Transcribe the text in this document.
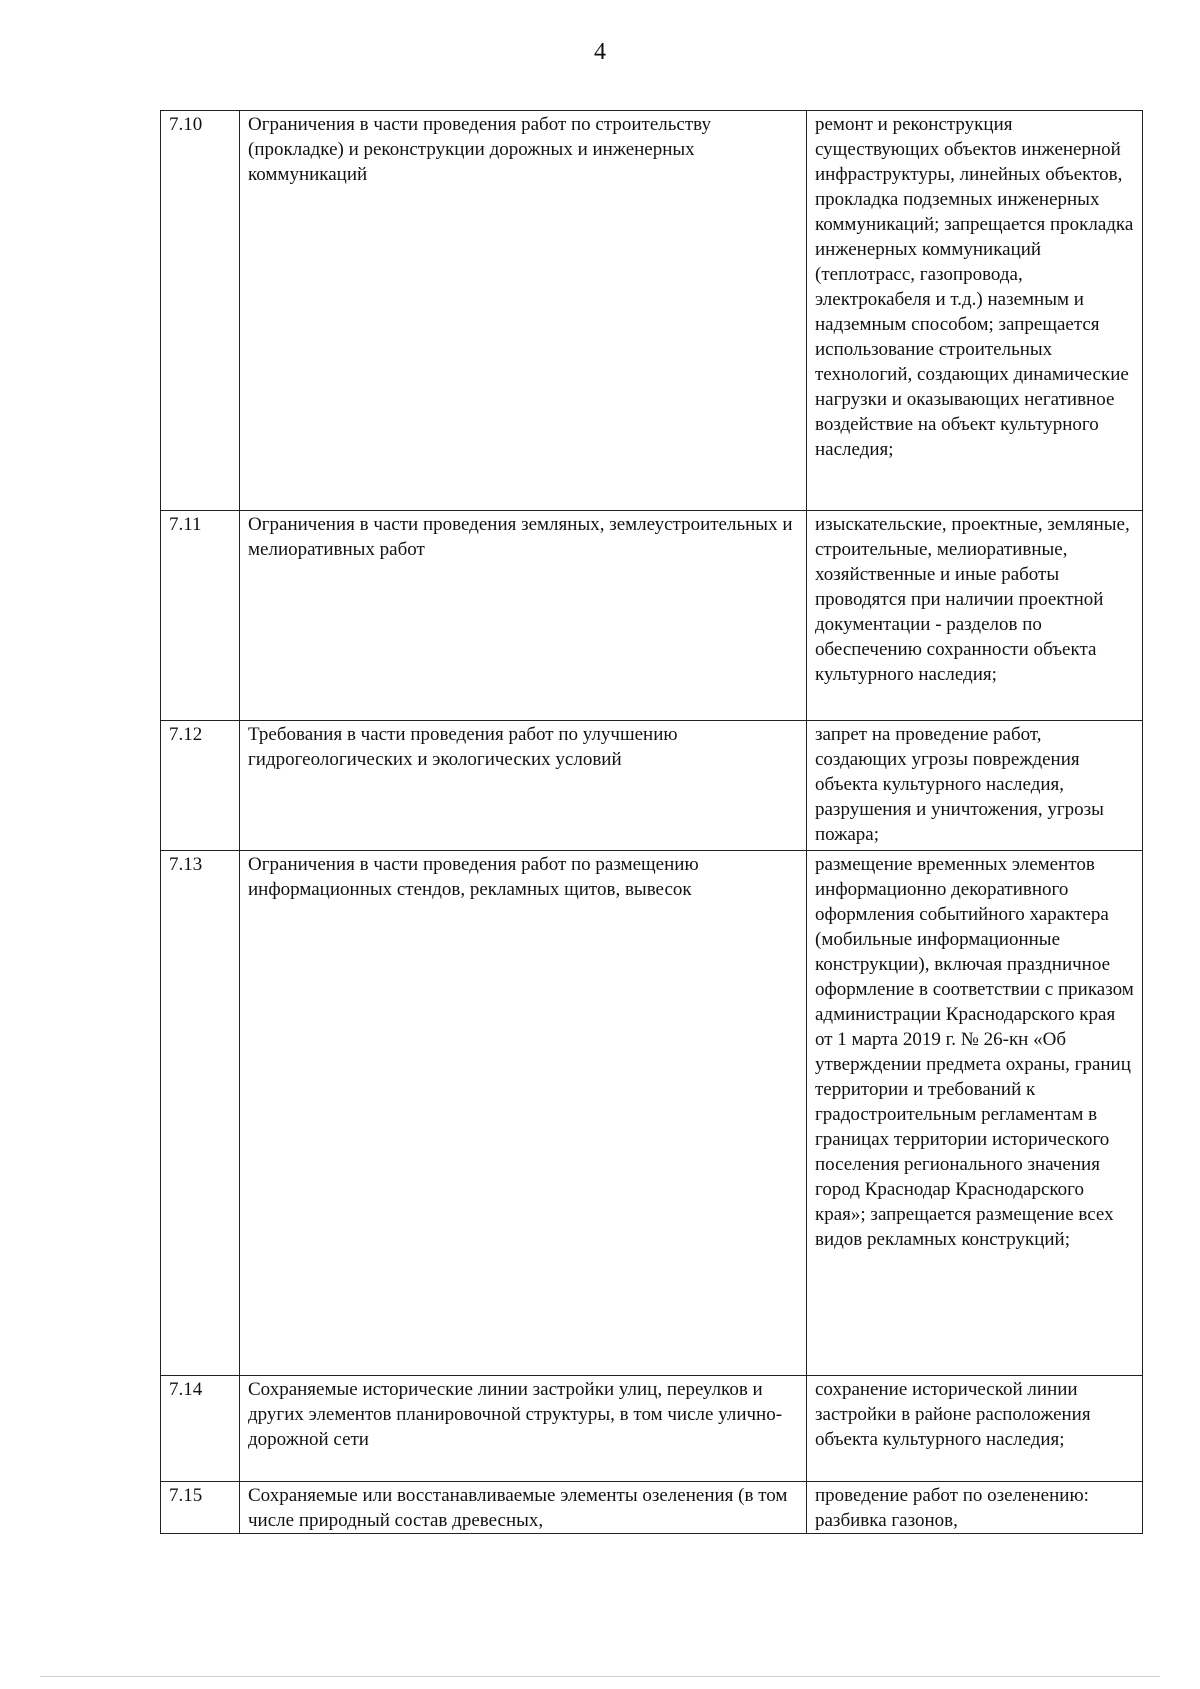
4
7.10	Ограничения в части проведения работ по строительству (прокладке) и реконструкции дорожных и инженерных коммуникаций	ремонт и реконструкция существующих объектов инженерной инфраструктуры, линейных объектов, прокладка подземных инженерных коммуникаций; запрещается прокладка инженерных коммуникаций (теплотрасс, газопровода, электрокабеля и т.д.) наземным и надземным способом; запрещается использование строительных технологий, создающих динамические нагрузки и оказывающих негативное воздействие на объект культурного наследия;
7.11	Ограничения в части проведения земляных, землеустроительных и мелиоративных работ	изыскательские, проектные, земляные, строительные, мелиоративные, хозяйственные и иные работы проводятся при наличии проектной документации - разделов по обеспечению сохранности объекта культурного наследия;
7.12	Требования в части проведения работ по улучшению гидрогеологических и экологических условий	запрет на проведение работ, создающих угрозы повреждения объекта культурного наследия, разрушения и уничтожения, угрозы пожара;
7.13	Ограничения в части проведения работ по размещению информационных стендов, рекламных щитов, вывесок	размещение временных элементов информационно декоративного оформления событийного характера (мобильные информационные конструкции), включая праздничное оформление в соответствии с приказом администрации Краснодарского края от 1 марта 2019 г. № 26-кн «Об утверждении предмета охраны, границ территории и требований к градостроительным регламентам в границах территории исторического поселения регионального значения город Краснодар Краснодарского края»; запрещается размещение всех видов рекламных конструкций;
7.14	Сохраняемые исторические линии застройки улиц, переулков и других элементов планировочной структуры, в том числе улично-дорожной сети	сохранение исторической линии застройки в районе расположения объекта культурного наследия;
7.15	Сохраняемые или восстанавливаемые элементы озеленения (в том числе природный состав древесных,	проведение работ по озеленению: разбивка газонов,
